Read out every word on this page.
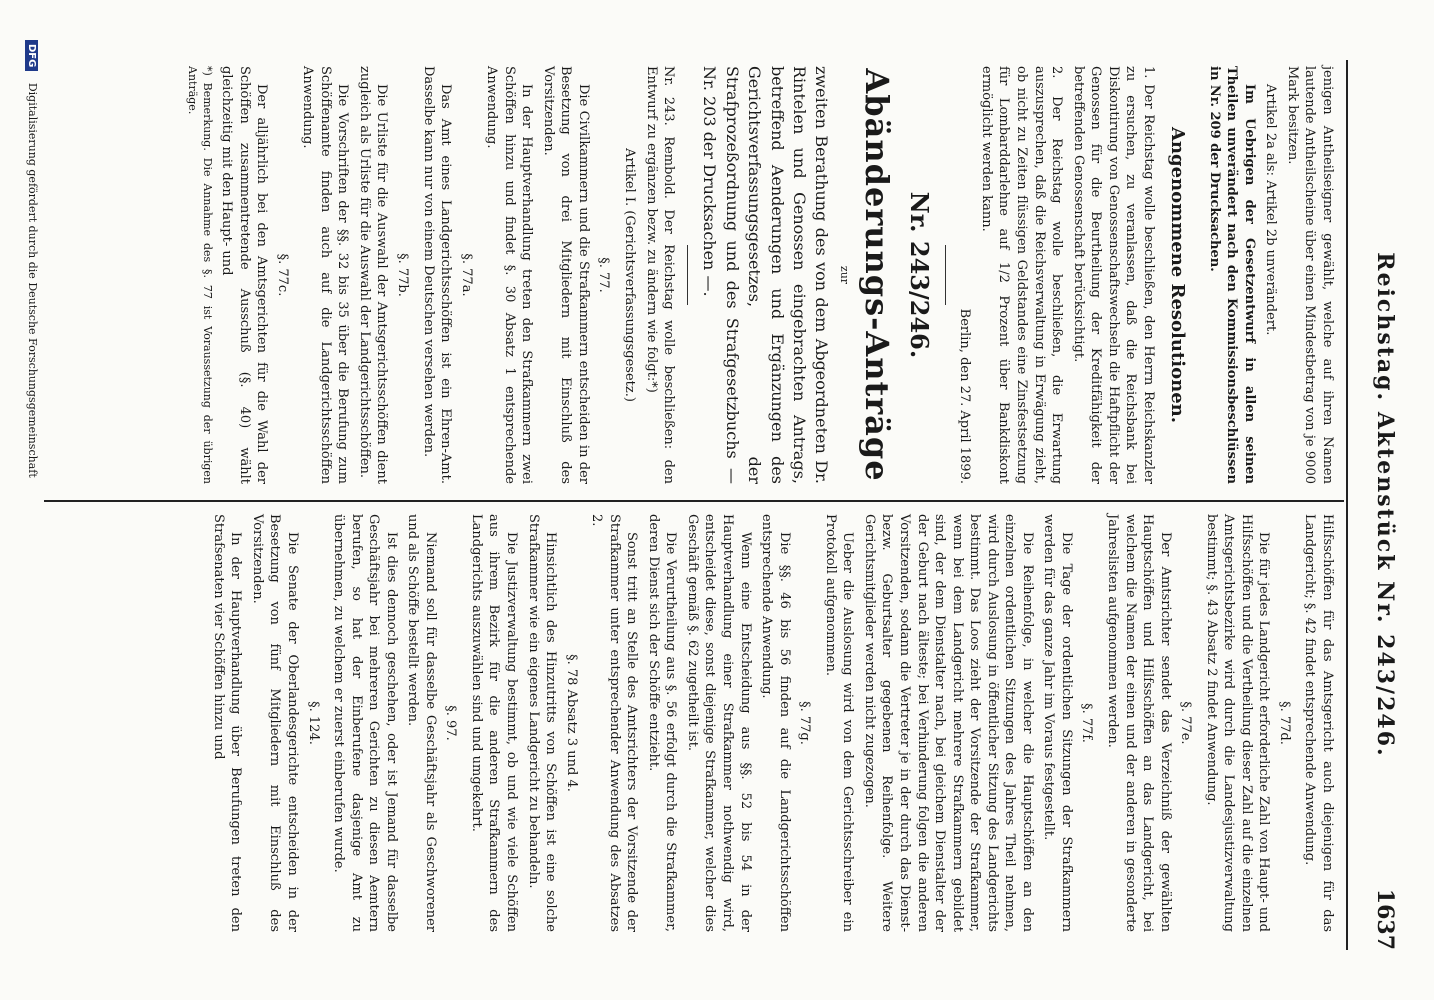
Reichstag. Aktenstück Nr. 243/246.
1637

jenigen Antheilseigner gewählt, welche auf ihren Namen lautende Antheilscheine über einen Mindestbetrag von je 9000 Mark besitzen.

Artikel 2a als: Artikel 2b unverändert.

Im Uebrigen der Gesetzentwurf in allen seinen Theilen unverändert nach den Kommissionsbeschlüssen in Nr. 209 der Drucksachen.

Angenommene Resolutionen.

1. Der Reichstag wolle beschließen, den Herrn Reichskanzler zu ersuchen, zu veranlassen, daß die Reichsbank bei Diskontirung von Genossenschaftswechseln die Haftpflicht der Genossen für die Beurtheilung der Kreditfähigkeit der betreffenden Genossenschaft berücksichtigt.

2. Der Reichstag wolle beschließen, die Erwartung auszusprechen, daß die Reichsverwaltung in Erwägung zieht, ob nicht zu Zeiten flüssigen Geldstandes eine Zinsfestsetzung für Lombarddarlehne auf 1/2 Prozent über Bankdiskont ermöglicht werden kann.

Berlin, den 27. April 1899.
Nr. 243/246.
Abänderungs-Anträge

zur

zweiten Berathung des von dem Abgeordneten Dr. Rintelen und Genossen eingebrachten Antrags, betreffend Aenderungen und Ergänzungen des Gerichtsverfassungsgesetzes, der Strafprozeßordnung und des Strafgesetzbuchs — Nr. 203 der Drucksachen —.

Nr. 243. Rembold. Der Reichstag wolle beschließen: den Entwurf zu ergänzen bezw. zu ändern wie folgt:*)

Artikel I. (Gerichtsverfassungsgesetz.)

§. 77.

Die Civilkammern und die Strafkammern entscheiden in der Besetzung von drei Mitgliedern mit Einschluß des Vorsitzenden.

In der Hauptverhandlung treten den Strafkammern zwei Schöffen hinzu und findet §. 30 Absatz 1 entsprechende Anwendung.

§. 77a.

Das Amt eines Landgerichtsschöffen ist ein Ehren-Amt. Dasselbe kann nur von einem Deutschen versehen werden.

§. 77b.

Die Urliste für die Auswahl der Amtsgerichtsschöffen dient zugleich als Urliste für die Auswahl der Landgerichtsschöffen.

Die Vorschriften der §§. 32 bis 35 über die Berufung zum Schöffenamte finden auch auf die Landgerichtsschöffen Anwendung.

§. 77c.

Der alljährlich bei den Amtsgerichten für die Wahl der Schöffen zusammentretende Ausschuß (§. 40) wählt gleichzeitig mit den Haupt- und

*) Bemerkung. Die Annahme des §. 77 ist Voraussetzung der übrigen Anträge.

Hilfsschöffen für das Amtsgericht auch diejenigen für das Landgericht; §. 42 findet entsprechende Anwendung.

§. 77d.

Die für jedes Landgericht erforderliche Zahl von Haupt- und Hilfsschöffen und die Vertheilung dieser Zahl auf die einzelnen Amtsgerichtsbezirke wird durch die Landesjustizverwaltung bestimmt; §. 43 Absatz 2 findet Anwendung.

§. 77e.

Der Amtsrichter sendet das Verzeichniß der gewählten Hauptschöffen und Hilfsschöffen an das Landgericht, bei welchem die Namen der einen und der anderen in gesonderte Jahreslisten aufgenommen werden.

§. 77f.

Die Tage der ordentlichen Sitzungen der Strafkammern werden für das ganze Jahr im Voraus festgestellt.

Die Reihenfolge, in welcher die Hauptschöffen an den einzelnen ordentlichen Sitzungen des Jahres Theil nehmen, wird durch Auslosung in öffentlicher Sitzung des Landgerichts bestimmt. Das Loos zieht der Vorsitzende der Strafkammer, wenn bei dem Landgericht mehrere Strafkammern gebildet sind, der dem Dienstalter nach, bei gleichem Dienstalter der der Geburt nach älteste; bei Verhinderung folgen die anderen Vorsitzenden, sodann die Vertreter je in der durch das Dienst- bezw. Geburtsalter gegebenen Reihenfolge. Weitere Gerichtsmitglieder werden nicht zugezogen.

Ueber die Auslosung wird von dem Gerichtsschreiber ein Protokoll aufgenommen.

§. 77g.

Die §§. 46 bis 56 finden auf die Landgerichtsschöffen entsprechende Anwendung.

Wenn eine Entscheidung aus §§. 52 bis 54 in der Hauptverhandlung einer Strafkammer nothwendig wird, entscheidet diese, sonst diejenige Strafkammer, welcher dies Geschäft gemäß §. 62 zugetheilt ist.

Die Verurtheilung aus §. 56 erfolgt durch die Strafkammer, deren Dienst sich der Schöffe entzieht.

Sonst tritt an Stelle des Amtsrichters der Vorsitzende der Strafkammer unter entsprechender Anwendung des Absatzes 2.

§. 78 Absatz 3 und 4.

Hinsichtlich des Hinzutritts von Schöffen ist eine solche Strafkammer wie ein eigenes Landgericht zu behandeln.

Die Justizverwaltung bestimmt, ob und wie viele Schöffen aus ihrem Bezirk für die anderen Strafkammern des Landgerichts auszuwählen sind und umgekehrt.

§. 97.

Niemand soll für dasselbe Geschäftsjahr als Geschworener und als Schöffe bestellt werden.

Ist dies dennoch geschehen, oder ist Jemand für dasselbe Geschäftsjahr bei mehreren Gerichten zu diesen Aemtern berufen, so hat der Einberufene dasjenige Amt zu übernehmen, zu welchem er zuerst einberufen wurde.

§. 124.

Die Senate der Oberlandesgerichte entscheiden in der Besetzung von fünf Mitgliedern mit Einschluß des Vorsitzenden.

In der Hauptverhandlung über Berufungen treten den Strafsenaten vier Schöffen hinzu und

DFG Digitalisierung gefördert durch die Deutsche Forschungsgemeinschaft
